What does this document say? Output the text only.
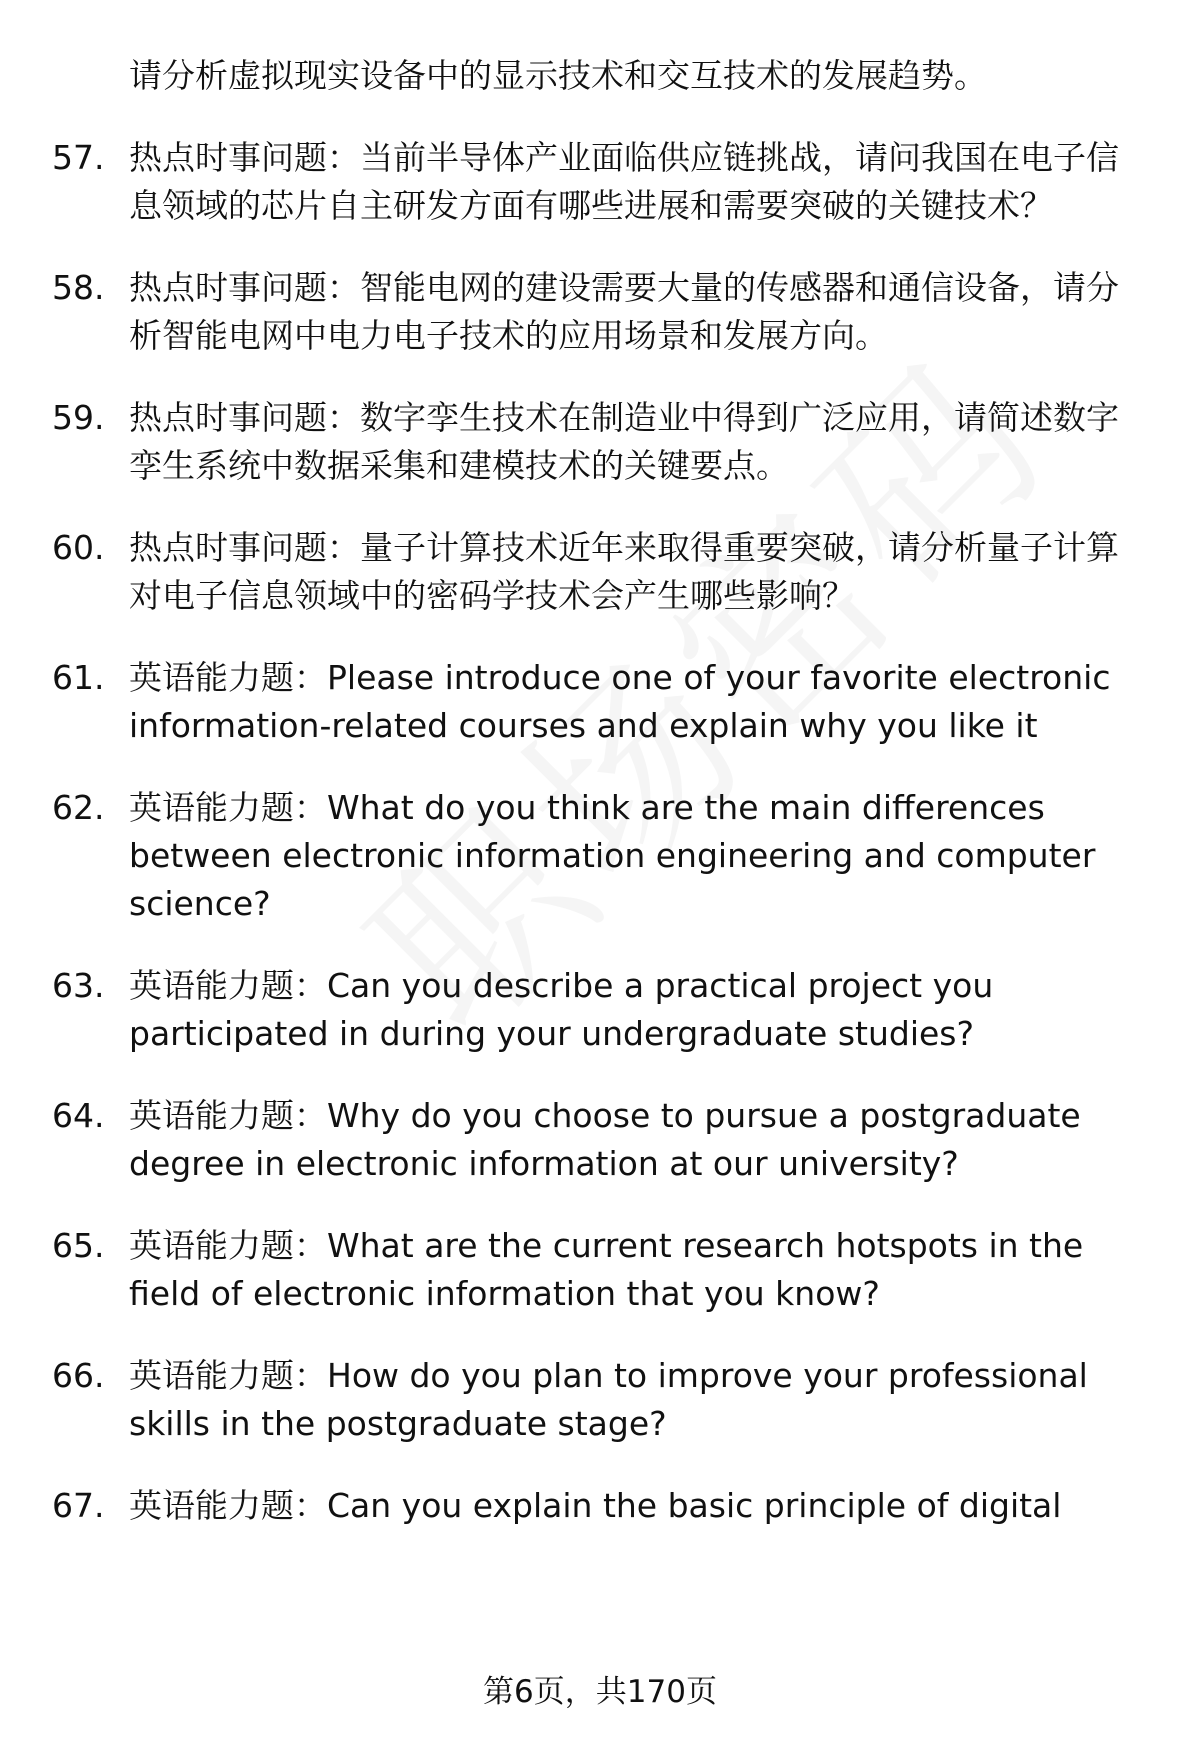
请分析虚拟现实设备中的显示技术和交互技术的发展趋势。
57. 热点时事问题：当前半导体产业面临供应链挑战，请问我国在电子信息领域的芯片自主研发方面有哪些进展和需要突破的关键技术？
58. 热点时事问题：智能电网的建设需要大量的传感器和通信设备，请分析智能电网中电力电子技术的应用场景和发展方向。
59. 热点时事问题：数字孪生技术在制造业中得到广泛应用，请简述数字孪生系统中数据采集和建模技术的关键要点。
60. 热点时事问题：量子计算技术近年来取得重要突破，请分析量子计算对电子信息领域中的密码学技术会产生哪些影响？
61. 英语能力题：Please introduce one of your favorite electronic information-related courses and explain why you like it
62. 英语能力题：What do you think are the main differences between electronic information engineering and computer science?
63. 英语能力题：Can you describe a practical project you participated in during your undergraduate studies?
64. 英语能力题：Why do you choose to pursue a postgraduate degree in electronic information at our university?
65. 英语能力题：What are the current research hotspots in the field of electronic information that you know?
66. 英语能力题：How do you plan to improve your professional skills in the postgraduate stage?
67. 英语能力题：Can you explain the basic principle of digital
第6页，共170页
